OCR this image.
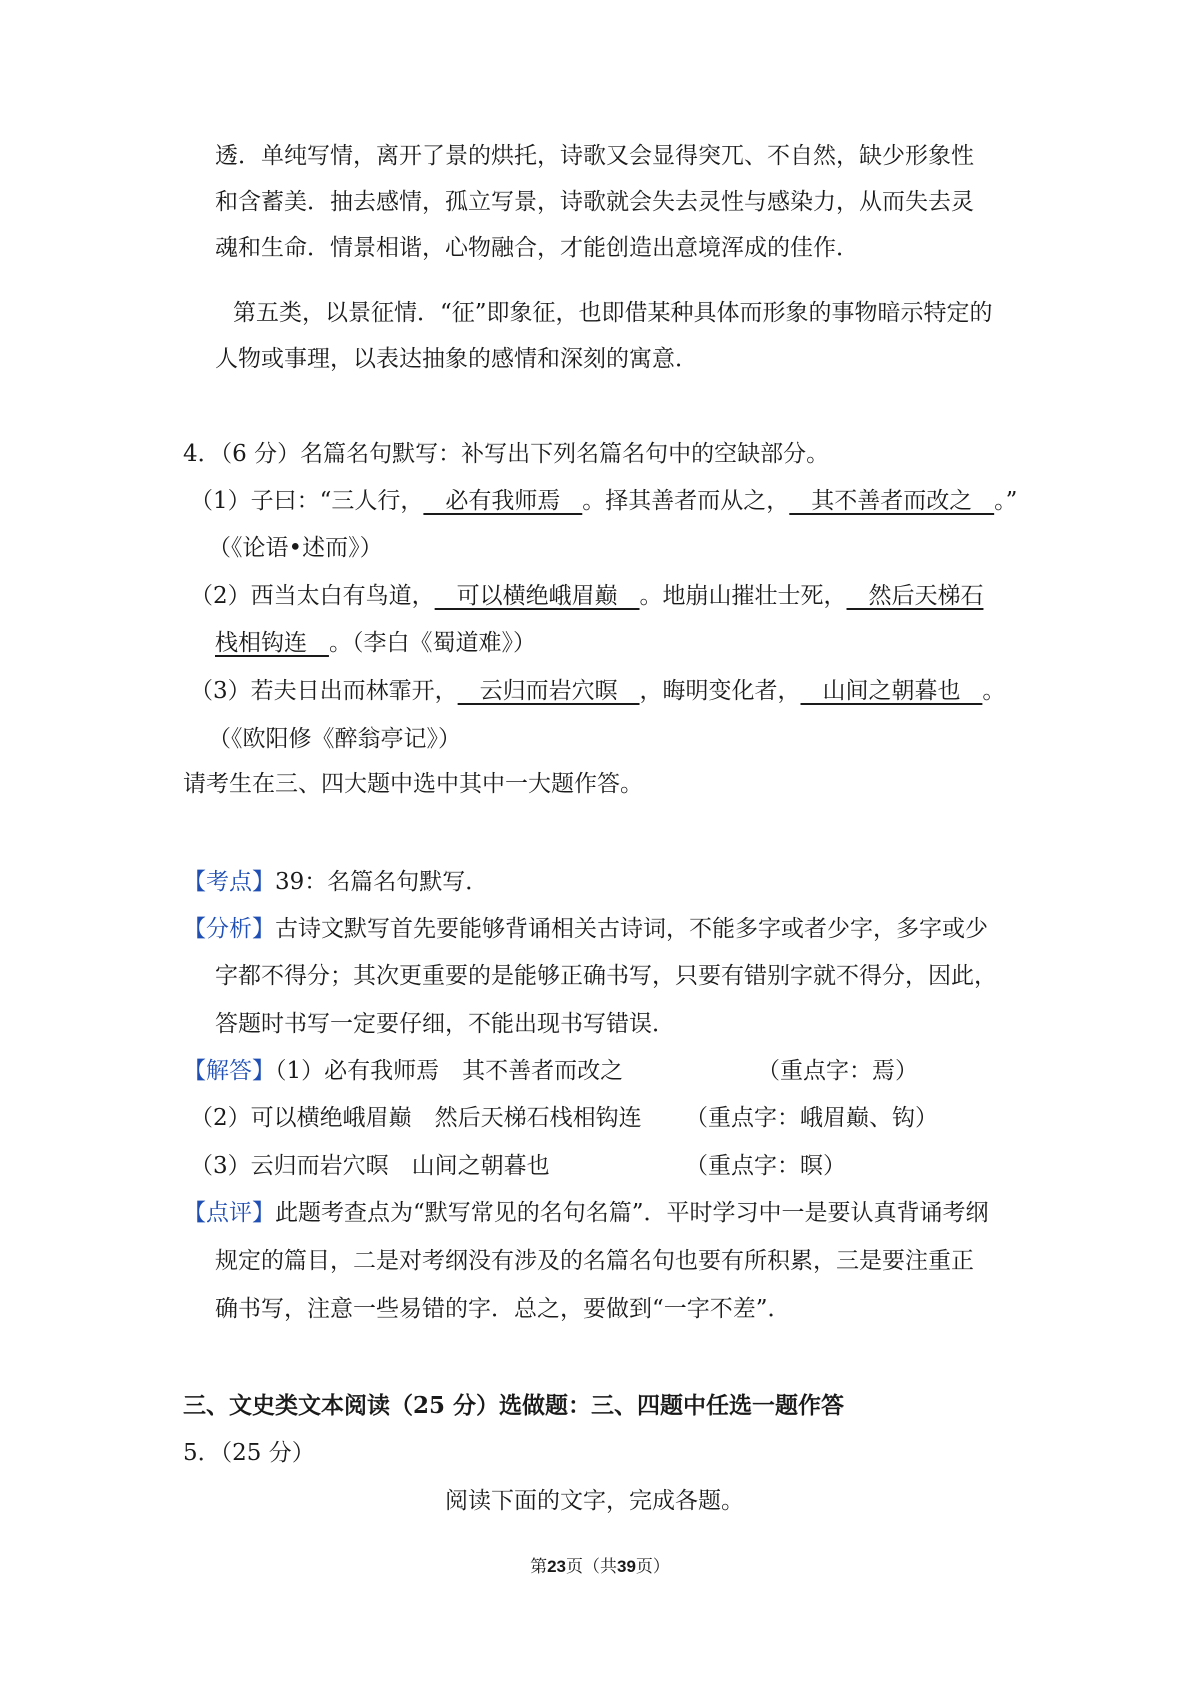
透．单纯写情，离开了景的烘托，诗歌又会显得突兀、不自然，缺少形象性
和含蓄美．抽去感情，孤立写景，诗歌就会失去灵性与感染力，从而失去灵
魂和生命．情景相谐，心物融合，才能创造出意境浑成的佳作．
第五类，以景征情．“征”即象征，也即借某种具体而形象的事物暗示特定的
人物或事理，以表达抽象的感情和深刻的寓意．
4．（6 分）名篇名句默写：补写出下列名篇名句中的空缺部分。
（1）子曰：“三人行，   必有我师焉   。择其善者而从之，   其不善者而改之   。”
（《论语•述而》）
（2）西当太白有鸟道，   可以横绝峨眉巅   。地崩山摧壮士死，   然后天梯石
栈相钩连   。（李白《蜀道难》）
（3）若夫日出而林霏开，   云归而岩穴暝   ，晦明变化者，   山间之朝暮也   。
（《欧阳修《醉翁亭记》）
请考生在三、四大题中选中其中一大题作答。
【考点】39：名篇名句默写．
【分析】古诗文默写首先要能够背诵相关古诗词，不能多字或者少字，多字或少
字都不得分；其次更重要的是能够正确书写，只要有错别字就不得分，因此，
答题时书写一定要仔细，不能出现书写错误．
【解答】（1）必有我师焉　其不善者而改之	（重点字：焉）
（2）可以横绝峨眉巅　然后天梯石栈相钩连 （重点字：峨眉巅、钩）
（3）云归而岩穴暝　山间之朝暮也	（重点字：暝）
【点评】此题考查点为“默写常见的名句名篇”．平时学习中一是要认真背诵考纲
规定的篇目，二是对考纲没有涉及的名篇名句也要有所积累，三是要注重正
确书写，注意一些易错的字．总之，要做到“一字不差”．
三、文史类文本阅读（25 分）选做题：三、四题中任选一题作答
5．（25 分）
阅读下面的文字，完成各题。
第23页（共39页）
